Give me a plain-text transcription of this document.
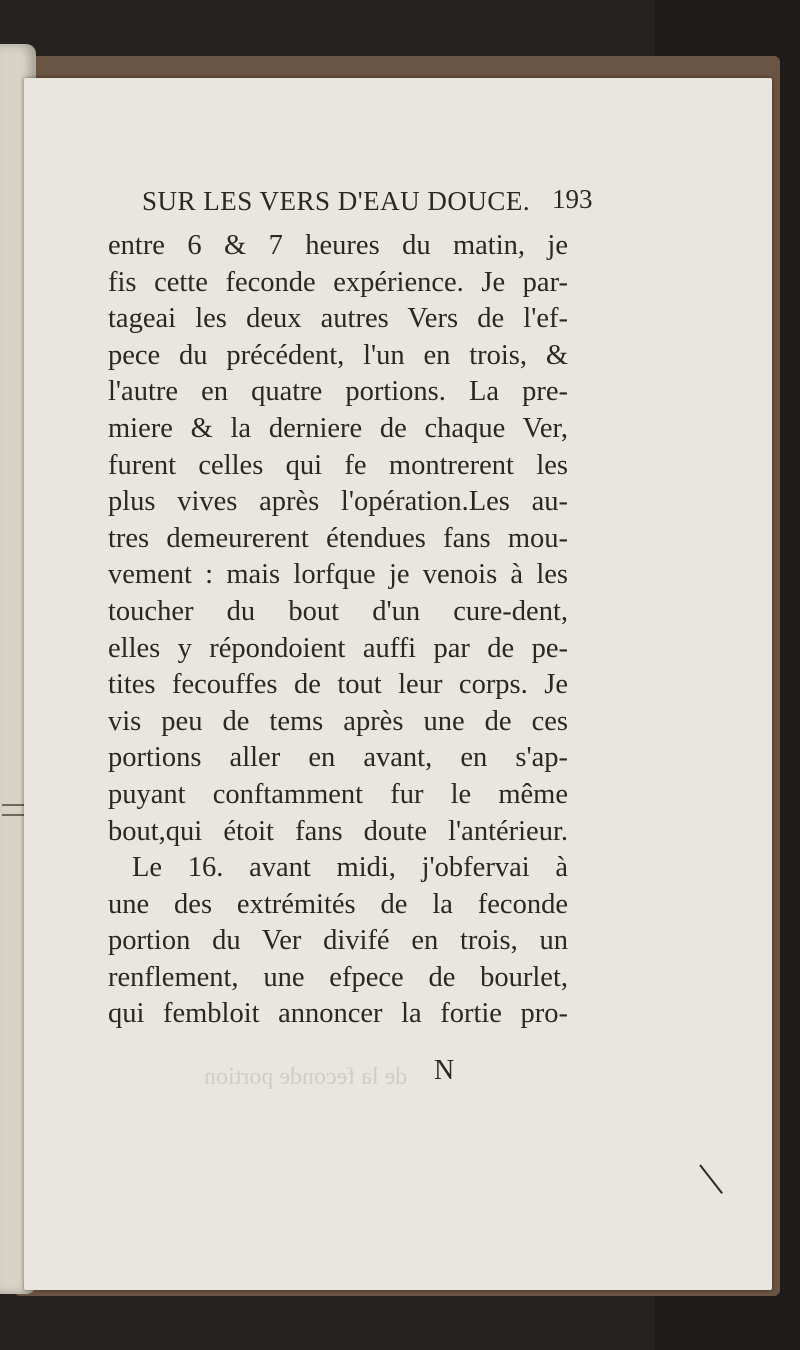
SUR LES VERS D'EAU DOUCE. 193
entre 6 & 7 heures du matin, je
fis cette feconde expérience. Je par-
tageai les deux autres Vers de l'ef-
pece du précédent, l'un en trois, &
l'autre en quatre portions. La pre-
miere & la derniere de chaque Ver,
furent celles qui fe montrerent les
plus vives après l'opération.Les au-
tres demeurerent étendues fans mou-
vement : mais lorfque je venois à les
toucher du bout d'un cure-dent,
elles y répondoient auffi par de pe-
tites fecouffes de tout leur corps. Je
vis peu de tems après une de ces
portions aller en avant, en s'ap-
puyant conftamment fur le même
bout,qui étoit fans doute l'antérieur.
Le 16. avant midi, j'obfervai à
une des extrémités de la feconde
portion du Ver divifé en trois, un
renflement, une efpece de bourlet,
qui fembloit annoncer la fortie pro-
de la feconde portion N
